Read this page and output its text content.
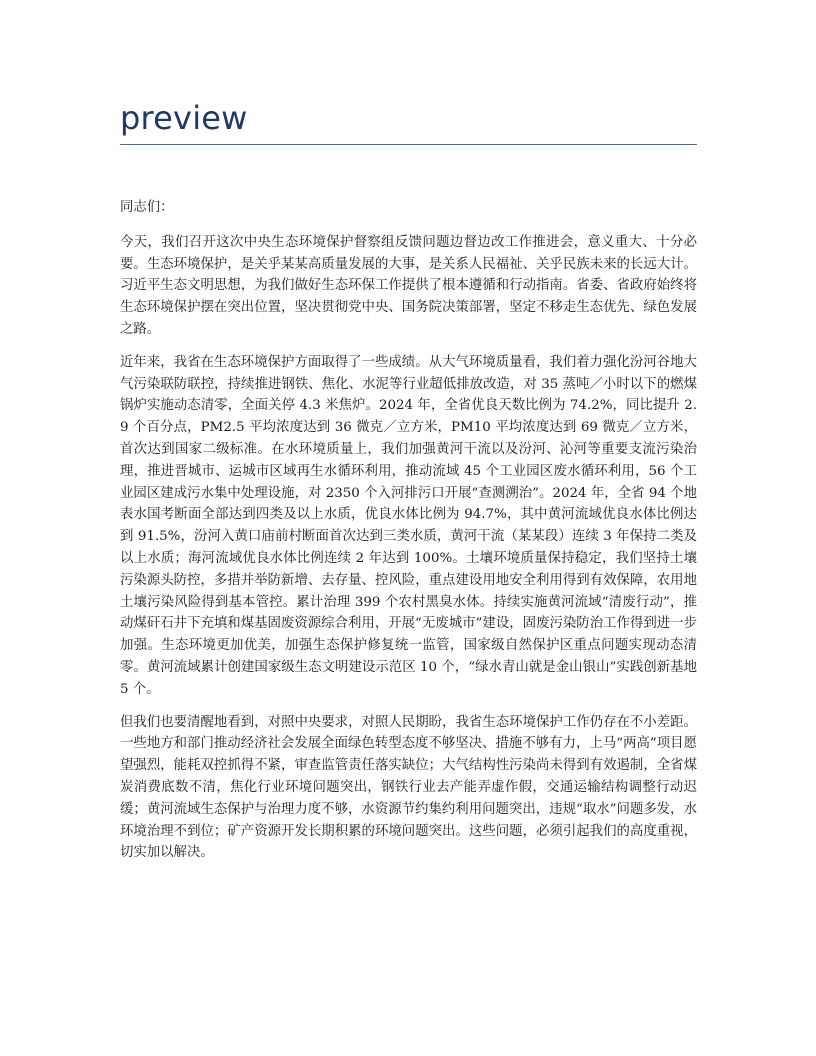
preview

同志们：

今天，我们召开这次中央生态环境保护督察组反馈问题边督边改工作推进会，意义重大、十分必要。生态环境保护，是关乎某某高质量发展的大事，是关系人民福祉、关乎民族未来的长远大计。习近平生态文明思想，为我们做好生态环保工作提供了根本遵循和行动指南。省委、省政府始终将生态环境保护摆在突出位置，坚决贯彻党中央、国务院决策部署，坚定不移走生态优先、绿色发展之路。

近年来，我省在生态环境保护方面取得了一些成绩。从大气环境质量看，我们着力强化汾河谷地大气污染联防联控，持续推进钢铁、焦化、水泥等行业超低排放改造，对 35 蒸吨／小时以下的燃煤锅炉实施动态清零，全面关停 4.3 米焦炉。2024 年，全省优良天数比例为 74.2%，同比提升 2.9 个百分点，PM2.5 平均浓度达到 36 微克／立方米，PM10 平均浓度达到 69 微克／立方米，首次达到国家二级标准。在水环境质量上，我们加强黄河干流以及汾河、沁河等重要支流污染治理，推进晋城市、运城市区域再生水循环利用，推动流域 45 个工业园区废水循环利用，56 个工业园区建成污水集中处理设施，对 2350 个入河排污口开展“查测溯治”。2024 年，全省 94 个地表水国考断面全部达到四类及以上水质，优良水体比例为 94.7%，其中黄河流域优良水体比例达到 91.5%，汾河入黄口庙前村断面首次达到三类水质，黄河干流（某某段）连续 3 年保持二类及以上水质；海河流域优良水体比例连续 2 年达到 100%。土壤环境质量保持稳定，我们坚持土壤污染源头防控，多措并举防新增、去存量、控风险，重点建设用地安全利用得到有效保障，农用地土壤污染风险得到基本管控。累计治理 399 个农村黑臭水体。持续实施黄河流域“清废行动”，推动煤矸石井下充填和煤基固废资源综合利用，开展“无废城市”建设，固废污染防治工作得到进一步加强。生态环境更加优美，加强生态保护修复统一监管，国家级自然保护区重点问题实现动态清零。黄河流域累计创建国家级生态文明建设示范区 10 个，“绿水青山就是金山银山”实践创新基地 5 个。

但我们也要清醒地看到，对照中央要求，对照人民期盼，我省生态环境保护工作仍存在不小差距。一些地方和部门推动经济社会发展全面绿色转型态度不够坚决、措施不够有力，上马“两高”项目愿望强烈，能耗双控抓得不紧，审查监管责任落实缺位；大气结构性污染尚未得到有效遏制，全省煤炭消费底数不清，焦化行业环境问题突出，钢铁行业去产能弄虚作假，交通运输结构调整行动迟缓；黄河流域生态保护与治理力度不够，水资源节约集约利用问题突出，违规“取水”问题多发，水环境治理不到位；矿产资源开发长期积累的环境问题突出。这些问题，必须引起我们的高度重视，切实加以解决。
